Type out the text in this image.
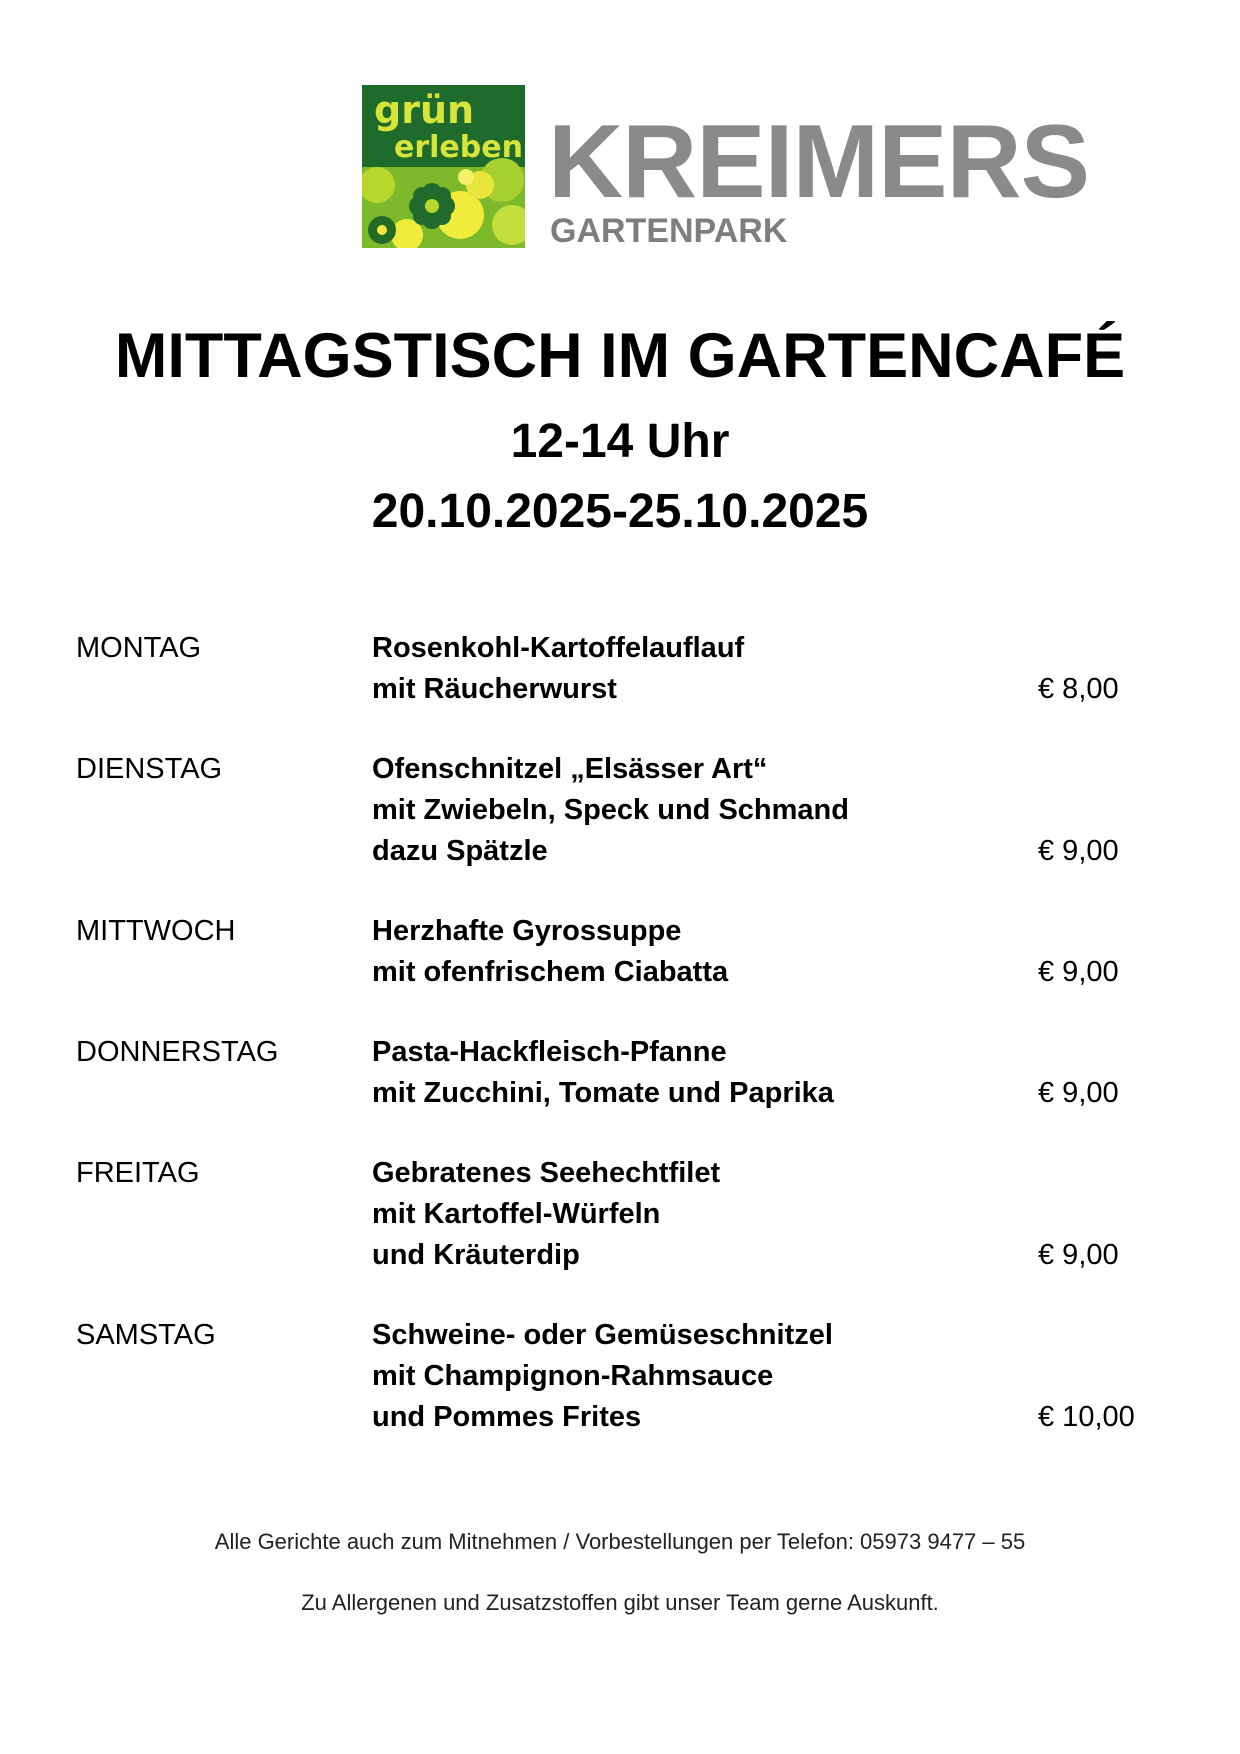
grün
erleben KREIMERS
GARTENPARK
MITTAGSTISCH IM GARTENCAFÉ
12-14 Uhr
20.10.2025-25.10.2025
MONTAG	Rosenkohl-Kartoffelauflauf
mit Räucherwurst	€ 8,00
DIENSTAG	Ofenschnitzel „Elsässer Art“
mit Zwiebeln, Speck und Schmand
dazu Spätzle	€ 9,00
MITTWOCH	Herzhafte Gyrossuppe
mit ofenfrischem Ciabatta	€ 9,00
DONNERSTAG	Pasta-Hackfleisch-Pfanne
mit Zucchini, Tomate und Paprika	€ 9,00
FREITAG	Gebratenes Seehechtfilet
mit Kartoffel-Würfeln
und Kräuterdip	€ 9,00
SAMSTAG	Schweine- oder Gemüseschnitzel
mit Champignon-Rahmsauce
und Pommes Frites	€ 10,00
Alle Gerichte auch zum Mitnehmen / Vorbestellungen per Telefon: 05973 9477 – 55
Zu Allergenen und Zusatzstoffen gibt unser Team gerne Auskunft.
